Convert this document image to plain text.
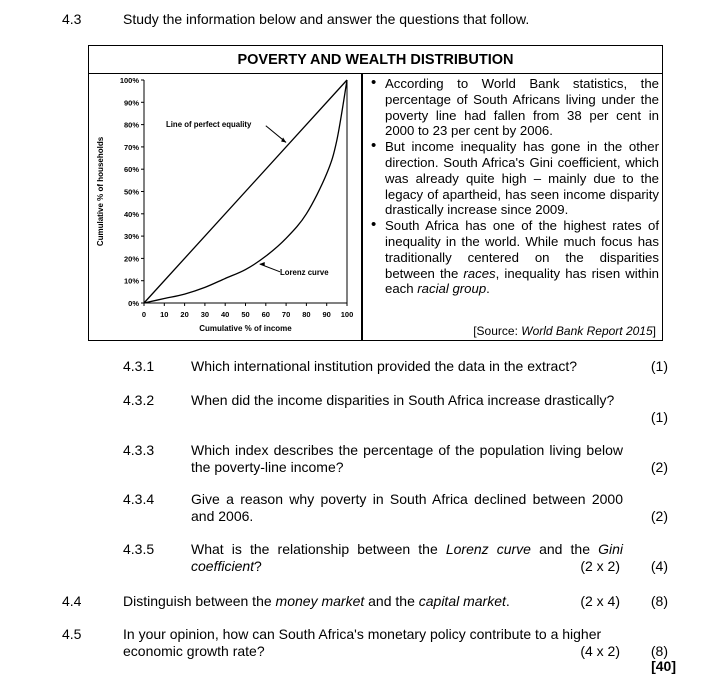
4.3	Study the information below and answer the questions that follow.
POVERTY AND WEALTH DISTRIBUTION
0%
10%
20%
30%
40%
50%
60%
70%
80%
90%
100%
0 10 20 30 40 50 60 70 80 90 100
Cumulative % of income
Cumulative % of households
Line of perfect equality
Lorenz curve
• According to World Bank statistics, the percentage of South Africans living under the poverty line had fallen from 38 per cent in 2000 to 23 per cent by 2006.
• But income inequality has gone in the other direction. South Africa's Gini coefficient, which was already quite high – mainly due to the legacy of apartheid, has seen income disparity drastically increase since 2009.
• South Africa has one of the highest rates of inequality in the world. While much focus has traditionally centered on the disparities between the races, inequality has risen within each racial group.
[Source: World Bank Report 2015]
4.3.1	Which international institution provided the data in the extract?	(1)
4.3.2	When did the income disparities in South Africa increase drastically?
(1)
4.3.3	Which index describes the percentage of the population living below the poverty-line income?	(2)
4.3.4	Give a reason why poverty in South Africa declined between 2000 and 2006.	(2)
4.3.5	What is the relationship between the Lorenz curve and the Gini coefficient?	(2 x 2)	(4)
4.4	Distinguish between the money market and the capital market.	(2 x 4)	(8)
4.5	In your opinion, how can South Africa's monetary policy contribute to a higher economic growth rate?	(4 x 2)	(8)
[40]
